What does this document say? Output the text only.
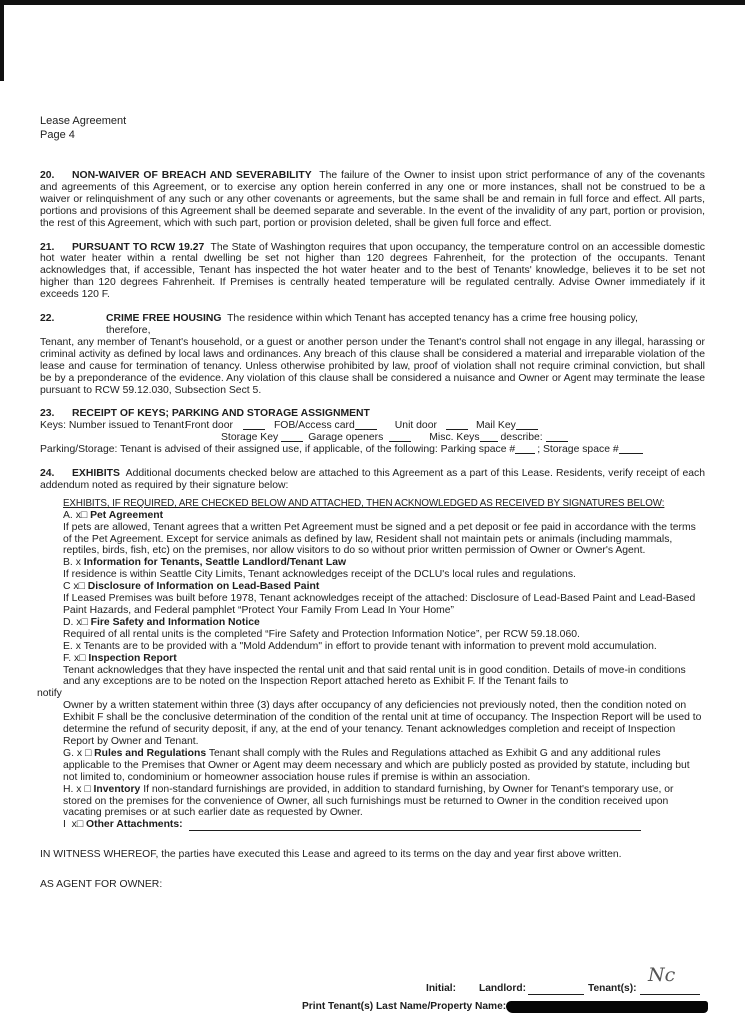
Lease Agreement
Page 4
20. NON-WAIVER OF BREACH AND SEVERABILITY The failure of the Owner to insist upon strict performance of any of the covenants and agreements of this Agreement, or to exercise any option herein conferred in any one or more instances, shall not be construed to be a waiver or relinquishment of any such or any other covenants or agreements, but the same shall be and remain in full force and effect. All parts, portions and provisions of this Agreement shall be deemed separate and severable. In the event of the invalidity of any part, portion or provision, the rest of this Agreement, which with such part, portion or provision deleted, shall be given full force and effect.
21. PURSUANT TO RCW 19.27 The State of Washington requires that upon occupancy, the temperature control on an accessible domestic hot water heater within a rental dwelling be set not higher than 120 degrees Fahrenheit, for the protection of the occupants. Tenant acknowledges that, if accessible, Tenant has inspected the hot water heater and to the best of Tenants' knowledge, believes it to be set not higher than 120 degrees Fahrenheit. If Premises is centrally heated temperature will be regulated centrally. Advise Owner immediately if it exceeds 120 F.
22.	CRIME FREE HOUSING The residence within which Tenant has accepted tenancy has a crime free housing policy,
therefore,
Tenant, any member of Tenant's household, or a guest or another person under the Tenant's control shall not engage in any illegal, harassing or criminal activity as defined by local laws and ordinances. Any breach of this clause shall be considered a material and irreparable violation of the lease and cause for termination of tenancy. Unless otherwise prohibited by law, proof of violation shall not require criminal conviction, but shall be by a preponderance of the evidence. Any violation of this clause shall be considered a nuisance and Owner or Agent may terminate the lease pursuant to RCW 59.12.030, Subsection Sect 5.
23. RECEIPT OF KEYS; PARKING AND STORAGE ASSIGNMENT
Keys: Number issued to Tenant:
Front door	FOB/Access card	Unit door	Mail Key
Storage Key	Garage openers	Misc. Keys describe:
Parking/Storage: Tenant is advised of their assigned use, if applicable, of the following: Parking space # ; Storage space #
24. EXHIBITS Additional documents checked below are attached to this Agreement as a part of this Lease. Residents, verify receipt of each addendum noted as required by their signature below:
EXHIBITS, IF REQUIRED, ARE CHECKED BELOW AND ATTACHED, THEN ACKNOWLEDGED AS RECEIVED BY SIGNATURES BELOW:
A. x□ Pet Agreement
If pets are allowed, Tenant agrees that a written Pet Agreement must be signed and a pet deposit or fee paid in accordance with the terms of the Pet Agreement. Except for service animals as defined by law, Resident shall not maintain pets or animals (including mammals, reptiles, birds, fish, etc) on the premises, nor allow visitors to do so without prior written permission of Owner or Owner's Agent.
B. x Information for Tenants, Seattle Landlord/Tenant Law
If residence is within Seattle City Limits, Tenant acknowledges receipt of the DCLU's local rules and regulations.
C x□ Disclosure of Information on Lead-Based Paint
If Leased Premises was built before 1978, Tenant acknowledges receipt of the attached: Disclosure of Lead-Based Paint and Lead-Based Paint Hazards, and Federal pamphlet “Protect Your Family From Lead In Your Home”
D. x□ Fire Safety and Information Notice
Required of all rental units is the completed “Fire Safety and Protection Information Notice”, per RCW 59.18.060.
E. x Tenants are to be provided with a "Mold Addendum" in effort to provide tenant with information to prevent mold accumulation.
F. x□ Inspection Report
Tenant acknowledges that they have inspected the rental unit and that said rental unit is in good condition. Details of move-in conditions and any exceptions are to be noted on the Inspection Report attached hereto as Exhibit F. If the Tenant fails to
notify
Owner by a written statement within three (3) days after occupancy of any deficiencies not previously noted, then the condition noted on Exhibit F shall be the conclusive determination of the condition of the rental unit at time of occupancy. The Inspection Report will be used to determine the refund of security deposit, if any, at the end of your tenancy. Tenant acknowledges completion and receipt of Inspection Report by Owner and Tenant.
G. x □ Rules and Regulations Tenant shall comply with the Rules and Regulations attached as Exhibit G and any additional rules applicable to the Premises that Owner or Agent may deem necessary and which are publicly posted as provided by statute, including but not limited to, condominium or homeowner association house rules if premise is within an association.
H. x □ Inventory If non-standard furnishings are provided, in addition to standard furnishing, by Owner for Tenant's temporary use, or stored on the premises for the convenience of Owner, all such furnishings must be returned to Owner in the condition received upon vacating premises or at such earlier date as requested by Owner.
I  x□
Other Attachments:
IN WITNESS WHEREOF, the parties have executed this Lease and agreed to its terms on the day and year first above written.
AS AGENT FOR OWNER:
Initial: Landlord:	Tenant(s):
Nc
Print Tenant(s) Last Name/Property Name:
